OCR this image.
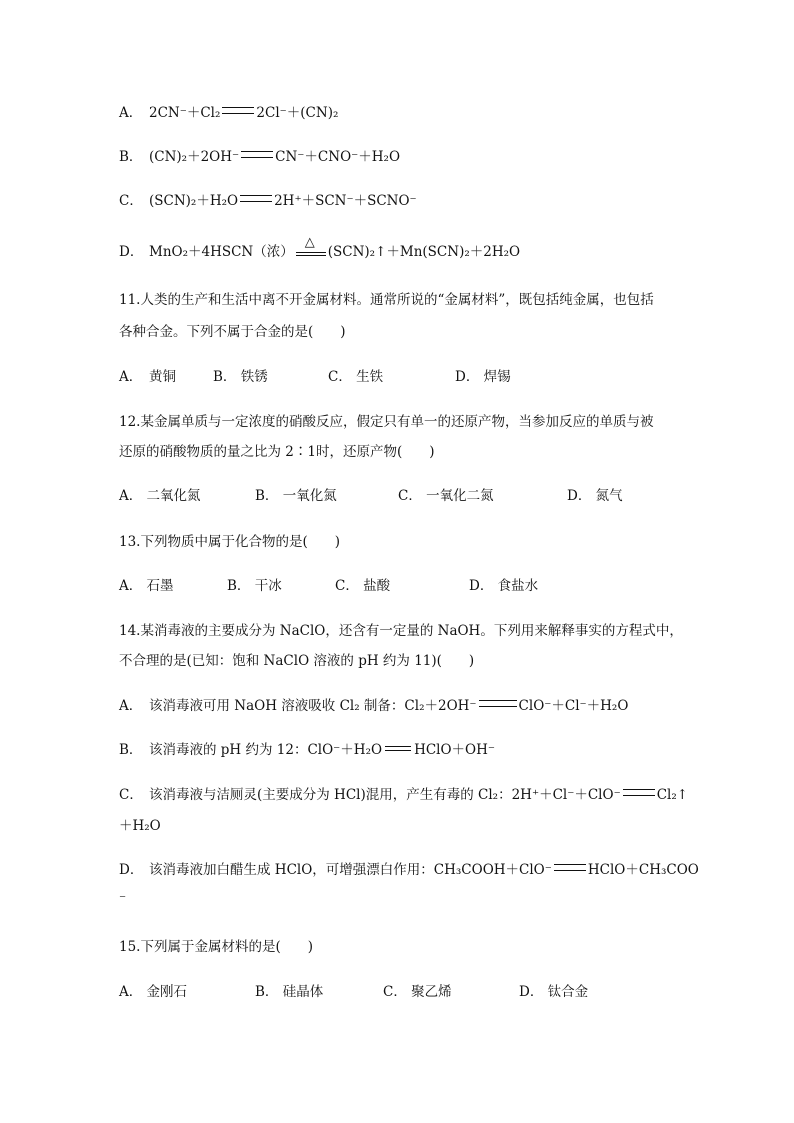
A． 2CN⁻＋Cl₂	2Cl⁻＋(CN)₂
B． (CN)₂＋2OH⁻	CN⁻＋CNO⁻＋H₂O
C． (SCN)₂＋H₂O	2H⁺＋SCN⁻＋SCNO⁻
D． MnO₂＋4HSCN（浓）
△
(SCN)₂↑＋Mn(SCN)₂＋2H₂O
11.人类的生产和生活中离不开金属材料。通常所说的“金属材料”，既包括纯金属，也包括
各种合金。下列不属于合金的是(　　)
A．　黄铜	B． 铁锈	C． 生铁	D． 焊锡
12.某金属单质与一定浓度的硝酸反应，假定只有单一的还原产物，当参加反应的单质与被
还原的硝酸物质的量之比为 2∶1时，还原产物(　　)
A． 二氧化氮	B． 一氧化氮	C． 一氧化二氮	D． 氮气
13.下列物质中属于化合物的是(　　)
A． 石墨	B． 干冰	C． 盐酸	D． 食盐水
14.某消毒液的主要成分为 NaClO，还含有一定量的 NaOH。下列用来解释事实的方程式中，
不合理的是(已知：饱和 NaClO 溶液的 pH 约为 11)(　　)
A． 该消毒液可用 NaOH 溶液吸收 Cl₂ 制备：Cl₂＋2OH⁻	ClO⁻＋Cl⁻＋H₂O
B． 该消毒液的 pH 约为 12：ClO⁻＋H₂O HClO＋OH⁻
C． 该消毒液与洁厕灵(主要成分为 HCl)混用，产生有毒的 Cl₂：2H⁺＋Cl⁻＋ClO⁻	Cl₂↑
＋H₂O
D． 该消毒液加白醋生成 HClO，可增强漂白作用：CH₃COOH＋ClO⁻	HClO＋CH₃COO
⁻
15.下列属于金属材料的是(　　)
A． 金刚石	B． 硅晶体	C． 聚乙烯	D． 钛合金
